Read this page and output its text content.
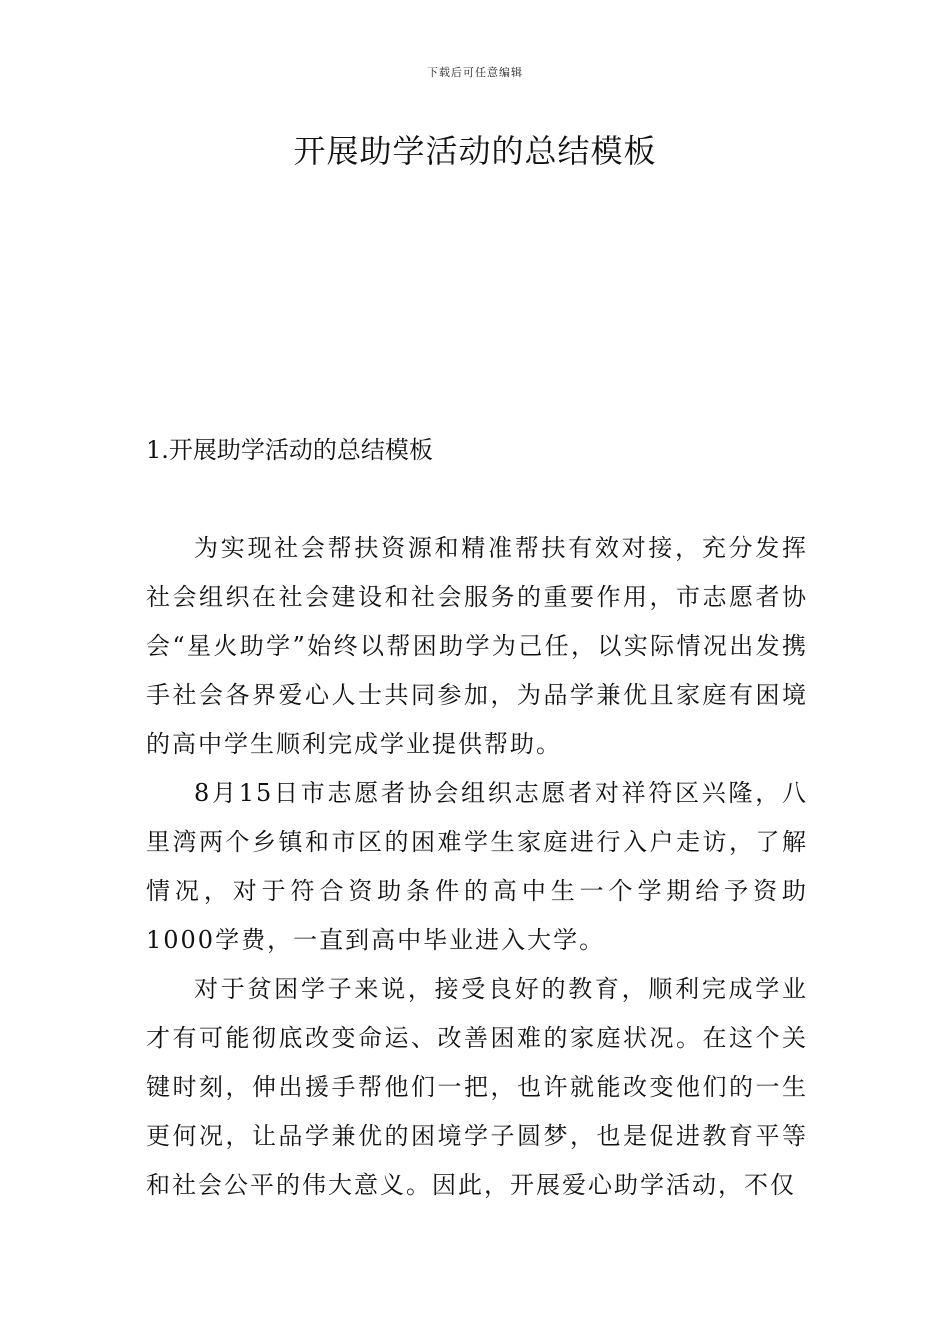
下载后可任意编辑
开展助学活动的总结模板
1.开展助学活动的总结模板

为实现社会帮扶资源和精准帮扶有效对接，充分发挥社会组织在社会建设和社会服务的重要作用，市志愿者协会“星火助学”始终以帮困助学为己任，以实际情况出发携手社会各界爱心人士共同参加，为品学兼优且家庭有困境的高中学生顺利完成学业提供帮助。

8月15日市志愿者协会组织志愿者对祥符区兴隆，八里湾两个乡镇和市区的困难学生家庭进行入户走访，了解情况，对于符合资助条件的高中生一个学期给予资助1000学费，一直到高中毕业进入大学。

对于贫困学子来说，接受良好的教育，顺利完成学业才有可能彻底改变命运、改善困难的家庭状况。在这个关键时刻，伸出援手帮他们一把，也许就能改变他们的一生更何况，让品学兼优的困境学子圆梦，也是促进教育平等和社会公平的伟大意义。因此，开展爱心助学活动，不仅
